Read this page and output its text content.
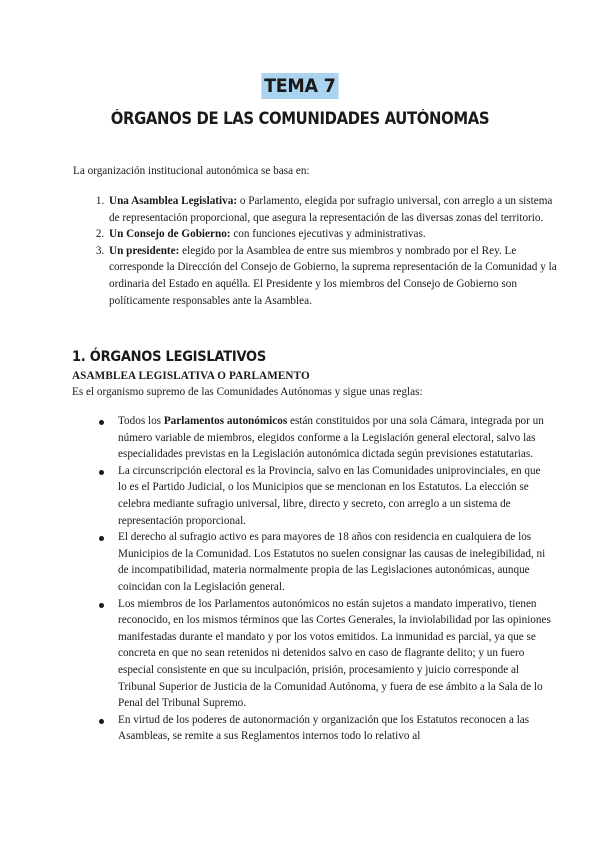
TEMA 7
ÓRGANOS DE LAS COMUNIDADES AUTÓNOMAS
La organización institucional autonómica se basa en:
1. Una Asamblea Legislativa: o Parlamento, elegida por sufragio universal, con arreglo a un sistema de representación proporcional, que asegura la representación de las diversas zonas del territorio.
2. Un Consejo de Gobierno: con funciones ejecutivas y administrativas.
3. Un presidente: elegido por la Asamblea de entre sus miembros y nombrado por el Rey. Le corresponde la Dirección del Consejo de Gobierno, la suprema representación de la Comunidad y la ordinaria del Estado en aquélla. El Presidente y los miembros del Consejo de Gobierno son políticamente responsables ante la Asamblea.
1. ÓRGANOS LEGISLATIVOS
ASAMBLEA LEGISLATIVA O PARLAMENTO
Es el organismo supremo de las Comunidades Autónomas y sigue unas reglas:
Todos los Parlamentos autonómicos están constituidos por una sola Cámara, integrada por un número variable de miembros, elegidos conforme a la Legislación general electoral, salvo las especialidades previstas en la Legislación autonómica dictada según previsiones estatutarias.
La circunscripción electoral es la Provincia, salvo en las Comunidades uniprovinciales, en que lo es el Partido Judicial, o los Municipios que se mencionan en los Estatutos. La elección se celebra mediante sufragio universal, libre, directo y secreto, con arreglo a un sistema de representación proporcional.
El derecho al sufragio activo es para mayores de 18 años con residencia en cualquiera de los Municipios de la Comunidad. Los Estatutos no suelen consignar las causas de inelegibilidad, ni de incompatibilidad, materia normalmente propia de las Legislaciones autonómicas, aunque coincidan con la Legislación general.
Los miembros de los Parlamentos autonómicos no están sujetos a mandato imperativo, tienen reconocido, en los mismos términos que las Cortes Generales, la inviolabilidad por las opiniones manifestadas durante el mandato y por los votos emitidos. La inmunidad es parcial, ya que se concreta en que no sean retenidos ni detenidos salvo en caso de flagrante delito; y un fuero especial consistente en que su inculpación, prisión, procesamiento y juicio corresponde al Tribunal Superior de Justicia de la Comunidad Autónoma, y fuera de ese ámbito a la Sala de lo Penal del Tribunal Supremo.
En virtud de los poderes de autonormación y organización que los Estatutos reconocen a las Asambleas, se remite a sus Reglamentos internos todo lo relativo al
